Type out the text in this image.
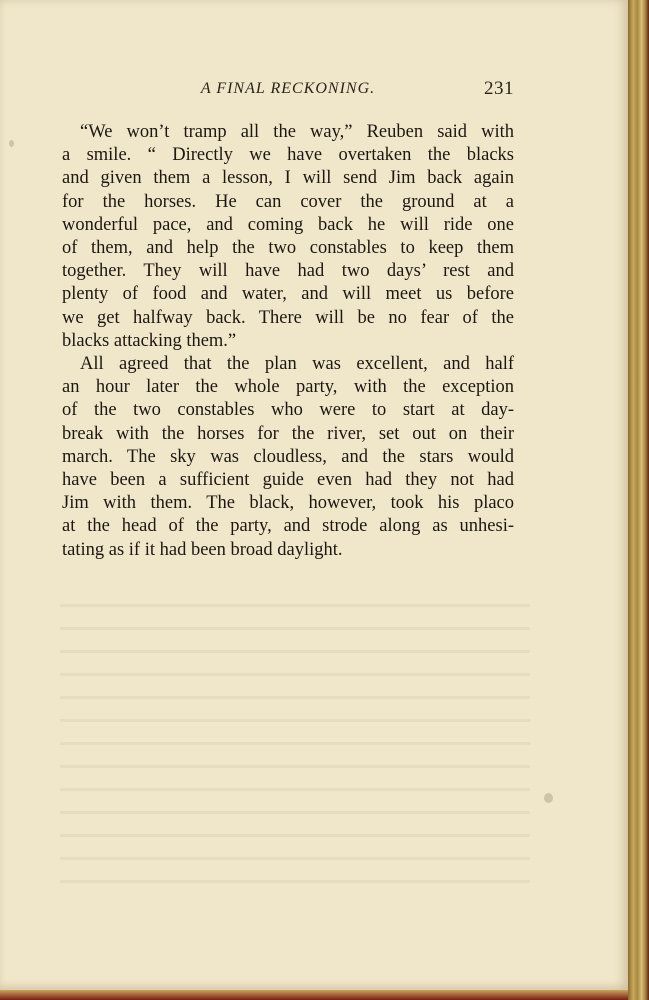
A FINAL RECKONING.	231
“We won’t tramp all the way,” Reuben said with
a smile. “ Directly we have overtaken the blacks
and given them a lesson, I will send Jim back again
for the horses. He can cover the ground at a
wonderful pace, and coming back he will ride one
of them, and help the two constables to keep them
together. They will have had two days’ rest and
plenty of food and water, and will meet us before
we get halfway back. There will be no fear of the
blacks attacking them.”
All agreed that the plan was excellent, and half
an hour later the whole party, with the exception
of the two constables who were to start at day-
break with the horses for the river, set out on their
march. The sky was cloudless, and the stars would
have been a sufficient guide even had they not had
Jim with them. The black, however, took his placo
at the head of the party, and strode along as unhesi-
tating as if it had been broad daylight.
